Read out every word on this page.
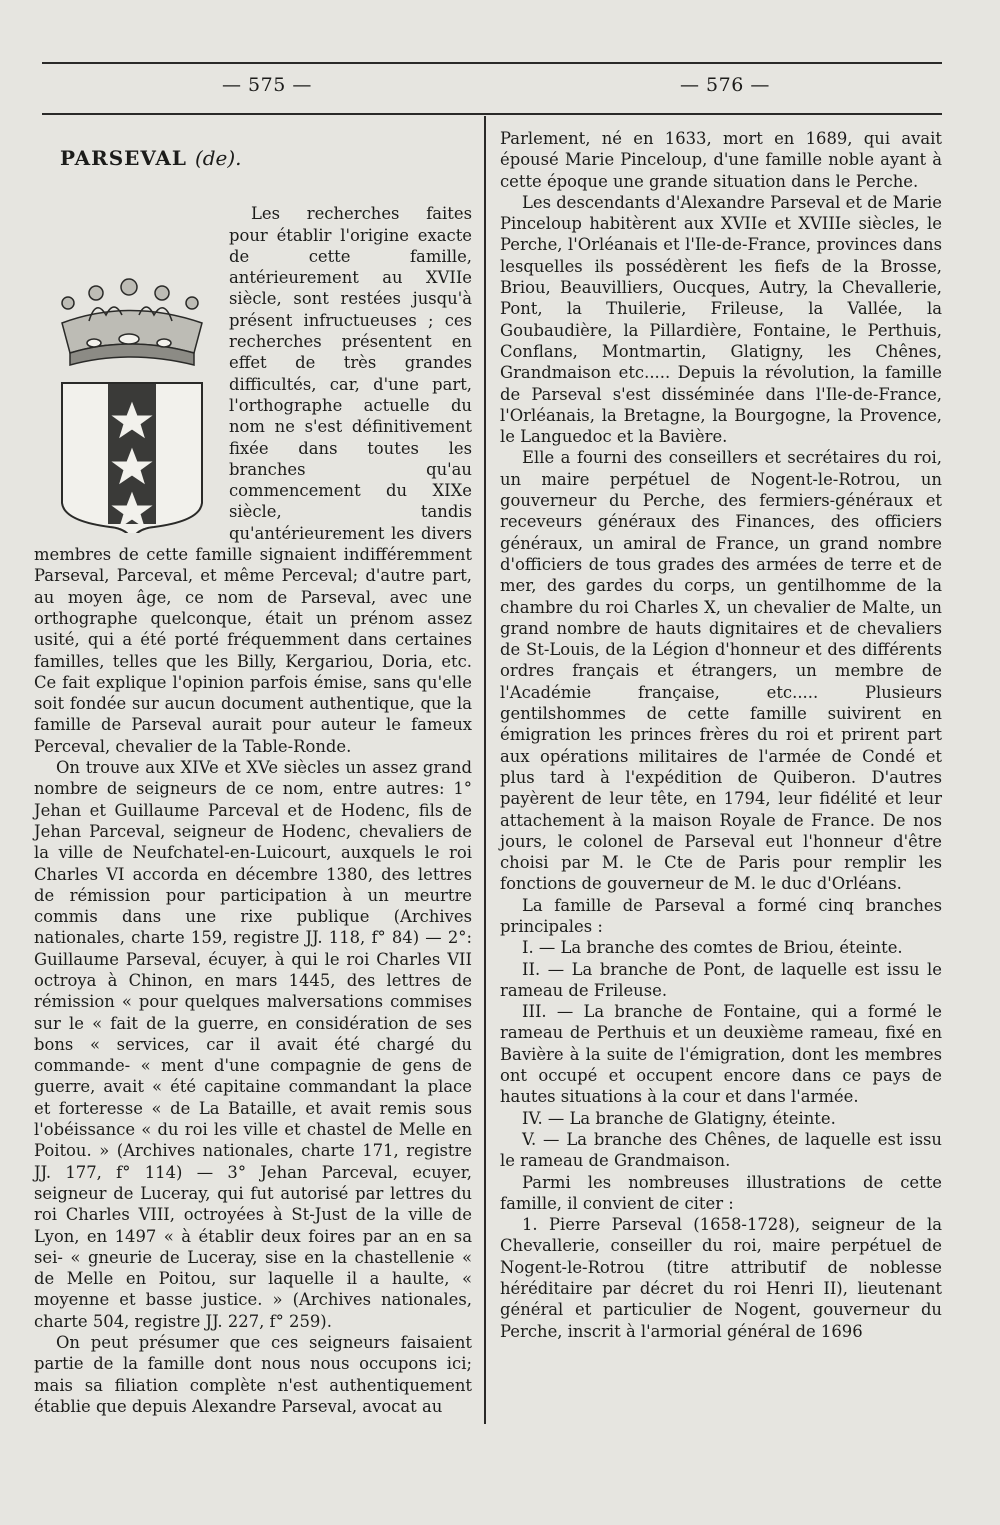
— 575 —	— 576 —
PARSEVAL (de).

Les recherches faites pour établir l'origine exacte de cette famille, antérieurement au XVIIe siècle, sont restées jusqu'à présent infructueuses ; ces recherches présentent en effet de très grandes difficultés, car, d'une part, l'orthographe actuelle du nom ne s'est définitivement fixée dans toutes les branches qu'au commencement du XIXe siècle, tandis qu'antérieurement les divers membres de cette famille signaient indifféremment Parseval, Parceval, et même Perceval; d'autre part, au moyen âge, ce nom de Parseval, avec une orthographe quelconque, était un prénom assez usité, qui a été porté fréquemment dans certaines familles, telles que les Billy, Kergariou, Doria, etc. Ce fait explique l'opinion parfois émise, sans qu'elle soit fondée sur aucun document authentique, que la famille de Parseval aurait pour auteur le fameux Perceval, chevalier de la Table-Ronde.

On trouve aux XIVe et XVe siècles un assez grand nombre de seigneurs de ce nom, entre autres: 1° Jehan et Guillaume Parceval et de Hodenc, fils de Jehan Parceval, seigneur de Hodenc, chevaliers de la ville de Neufchatel-en-Luicourt, auxquels le roi Charles VI accorda en décembre 1380, des lettres de rémission pour participation à un meurtre commis dans une rixe publique (Archives nationales, charte 159, registre JJ. 118, f° 84) — 2°: Guillaume Parseval, écuyer, à qui le roi Charles VII octroya à Chinon, en mars 1445, des lettres de rémission « pour quelques malversations commises sur le « fait de la guerre, en considération de ses bons « services, car il avait été chargé du commande- « ment d'une compagnie de gens de guerre, avait « été capitaine commandant la place et forteresse « de La Bataille, et avait remis sous l'obéissance « du roi les ville et chastel de Melle en Poitou. » (Archives nationales, charte 171, registre JJ. 177, f° 114) — 3° Jehan Parceval, ecuyer, seigneur de Luceray, qui fut autorisé par lettres du roi Charles VIII, octroyées à St-Just de la ville de Lyon, en 1497 « à établir deux foires par an en sa sei- « gneurie de Luceray, sise en la chastellenie « de Melle en Poitou, sur laquelle il a haulte, « moyenne et basse justice. » (Archives nationales, charte 504, registre JJ. 227, f° 259).

On peut présumer que ces seigneurs faisaient partie de la famille dont nous nous occupons ici; mais sa filiation complète n'est authentiquement établie que depuis Alexandre Parseval, avocat au

Parlement, né en 1633, mort en 1689, qui avait épousé Marie Pinceloup, d'une famille noble ayant à cette époque une grande situation dans le Perche.

Les descendants d'Alexandre Parseval et de Marie Pinceloup habitèrent aux XVIIe et XVIIIe siècles, le Perche, l'Orléanais et l'Ile-de-France, provinces dans lesquelles ils possédèrent les fiefs de la Brosse, Briou, Beauvilliers, Oucques, Autry, la Chevallerie, Pont, la Thuilerie, Frileuse, la Vallée, la Goubaudière, la Pillardière, Fontaine, le Perthuis, Conflans, Montmartin, Glatigny, les Chênes, Grandmaison etc..... Depuis la révolution, la famille de Parseval s'est disséminée dans l'Ile-de-France, l'Orléanais, la Bretagne, la Bourgogne, la Provence, le Languedoc et la Bavière.

Elle a fourni des conseillers et secrétaires du roi, un maire perpétuel de Nogent-le-Rotrou, un gouverneur du Perche, des fermiers-généraux et receveurs généraux des Finances, des officiers généraux, un amiral de France, un grand nombre d'officiers de tous grades des armées de terre et de mer, des gardes du corps, un gentilhomme de la chambre du roi Charles X, un chevalier de Malte, un grand nombre de hauts dignitaires et de chevaliers de St-Louis, de la Légion d'honneur et des différents ordres français et étrangers, un membre de l'Académie française, etc..... Plusieurs gentilshommes de cette famille suivirent en émigration les princes frères du roi et prirent part aux opérations militaires de l'armée de Condé et plus tard à l'expédition de Quiberon. D'autres payèrent de leur tête, en 1794, leur fidélité et leur attachement à la maison Royale de France. De nos jours, le colonel de Parseval eut l'honneur d'être choisi par M. le Cte de Paris pour remplir les fonctions de gouverneur de M. le duc d'Orléans.

La famille de Parseval a formé cinq branches principales :

I. — La branche des comtes de Briou, éteinte.

II. — La branche de Pont, de laquelle est issu le rameau de Frileuse.

III. — La branche de Fontaine, qui a formé le rameau de Perthuis et un deuxième rameau, fixé en Bavière à la suite de l'émigration, dont les membres ont occupé et occupent encore dans ce pays de hautes situations à la cour et dans l'armée.

IV. — La branche de Glatigny, éteinte.

V. — La branche des Chênes, de laquelle est issu le rameau de Grandmaison.

Parmi les nombreuses illustrations de cette famille, il convient de citer :

1. Pierre Parseval (1658-1728), seigneur de la Chevallerie, conseiller du roi, maire perpétuel de Nogent-le-Rotrou (titre attributif de noblesse héréditaire par décret du roi Henri II), lieutenant général et particulier de Nogent, gouverneur du Perche, inscrit à l'armorial général de 1696
